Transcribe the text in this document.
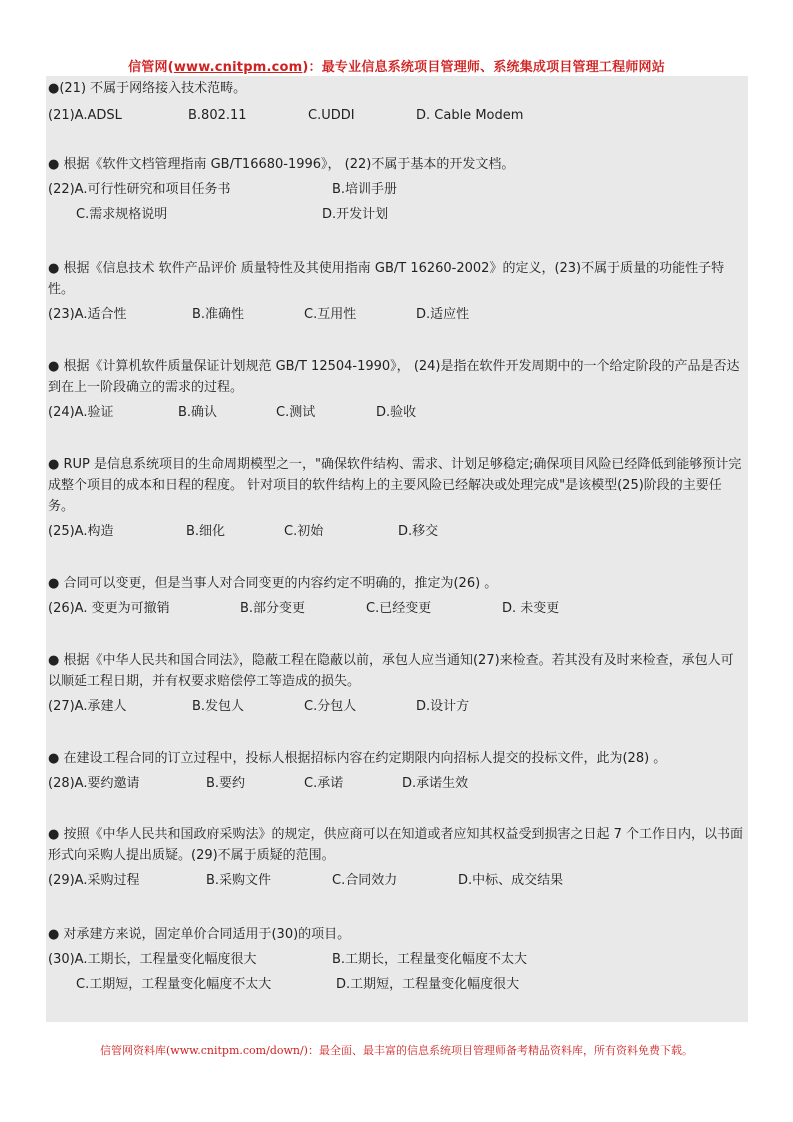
信管网(www.cnitpm.com)：最专业信息系统项目管理师、系统集成项目管理工程师网站

●(21) 不属于网络接入技术范畴。

(21)A.ADSL	B.802.11	C.UDDI	D. Cable Modem

● 根据《软件文档管理指南 GB/T16680-1996》， (22)不属于基本的开发文档。

(22)A.可行性研究和项目任务书	B.培训手册
C.需求规格说明	D.开发计划

● 根据《信息技术 软件产品评价 质量特性及其使用指南 GB/T 16260-2002》的定义，(23)不属于质量的功能性子特性。

(23)A.适合性	B.准确性	C.互用性	D.适应性

● 根据《计算机软件质量保证计划规范 GB/T 12504-1990》， (24)是指在软件开发周期中的一个给定阶段的产品是否达到在上一阶段确立的需求的过程。

(24)A.验证	B.确认	C.测试	D.验收

● RUP 是信息系统项目的生命周期模型之一，"确保软件结构、需求、计划足够稳定;确保项目风险已经降低到能够预计完成整个项目的成本和日程的程度。 针对项目的软件结构上的主要风险已经解决或处理完成"是该模型(25)阶段的主要任务。

(25)A.构造	B.细化	C.初始	D.移交

● 合同可以变更，但是当事人对合同变更的内容约定不明确的，推定为(26) 。

(26)A. 变更为可撤销	B.部分变更	C.已经变更	D. 未变更

● 根据《中华人民共和国合同法》，隐蔽工程在隐蔽以前，承包人应当通知(27)来检查。若其没有及时来检查，承包人可以顺延工程日期，并有权要求赔偿停工等造成的损失。

(27)A.承建人	B.发包人	C.分包人	D.设计方

● 在建设工程合同的订立过程中，投标人根据招标内容在约定期限内向招标人提交的投标文件，此为(28) 。

(28)A.要约邀请	B.要约	C.承诺	D.承诺生效

● 按照《中华人民共和国政府采购法》的规定，供应商可以在知道或者应知其权益受到损害之日起 7 个工作日内，以书面形式向采购人提出质疑。(29)不属于质疑的范围。

(29)A.采购过程	B.采购文件	C.合同效力	D.中标、成交结果

● 对承建方来说，固定单价合同适用于(30)的项目。

(30)A.工期长，工程量变化幅度很大	B.工期长，工程量变化幅度不太大
C.工期短，工程量变化幅度不太大	D.工期短，工程量变化幅度很大
信管网资料库(www.cnitpm.com/down/)：最全面、最丰富的信息系统项目管理师备考精品资料库，所有资料免费下载。
